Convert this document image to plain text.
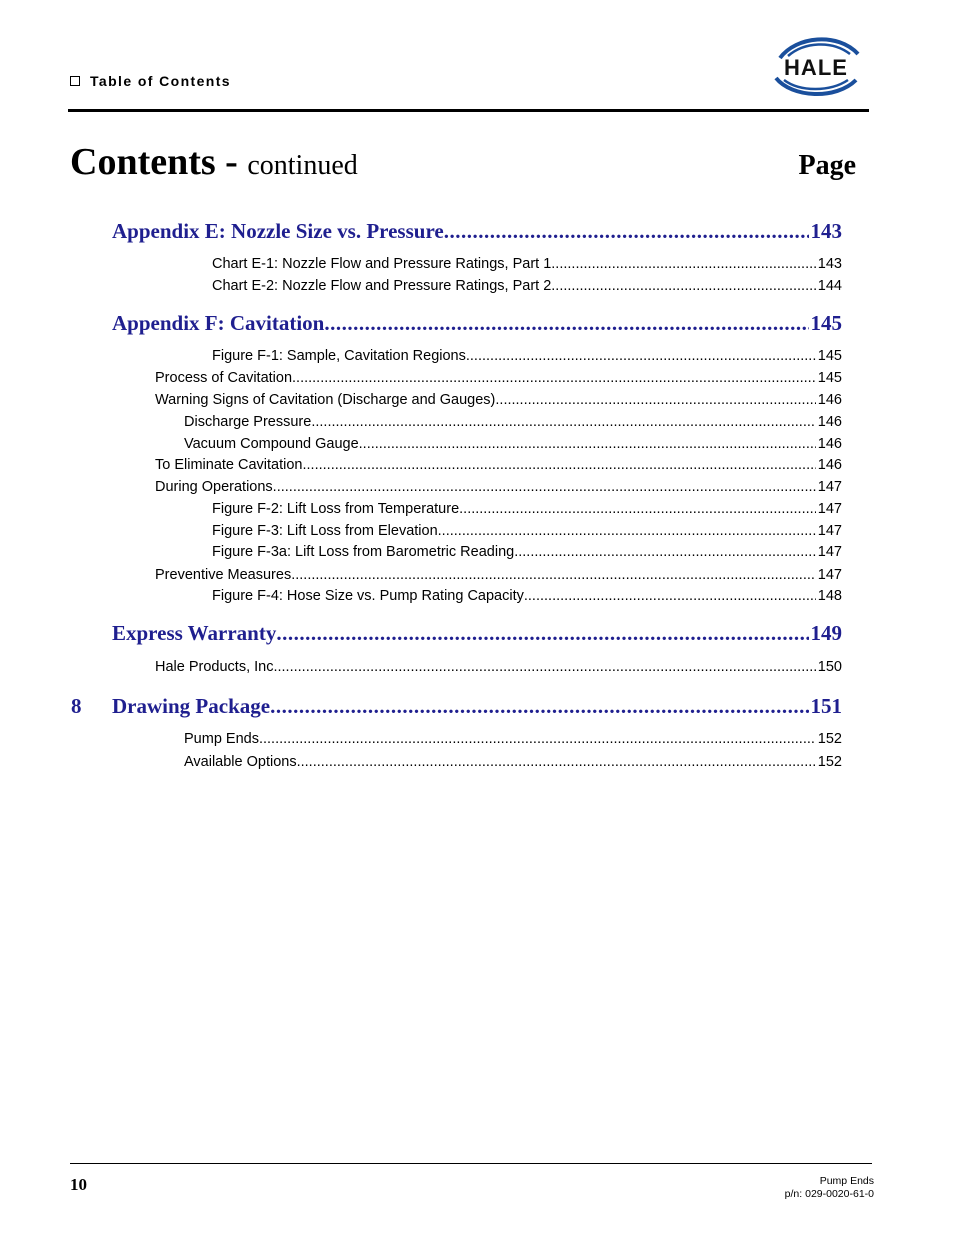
Table of Contents
HALE
Contents - continued	Page
Appendix E: Nozzle Size vs. Pressure .....	143
Chart E-1: Nozzle Flow and Pressure Ratings, Part 1 .....	143
Chart E-2: Nozzle Flow and Pressure Ratings, Part 2 .....	144
Appendix F: Cavitation .....	145
Figure F-1: Sample, Cavitation Regions .....	145
Process of Cavitation .....	145
Warning Signs of Cavitation (Discharge and Gauges) .....	146
Discharge Pressure .....	146
Vacuum Compound Gauge .....	146
To Eliminate Cavitation .....	146
During Operations .....	147
Figure F-2: Lift Loss from Temperature .....	147
Figure F-3: Lift Loss from Elevation .....	147
Figure F-3a: Lift Loss from Barometric Reading .....	147
Preventive Measures .....	147
Figure F-4: Hose Size vs. Pump Rating Capacity .....	148
Express Warranty .....	149
Hale Products, Inc. .....	150
8 Drawing Package .....	151
Pump Ends .....	152
Available Options .....	152
10	Pump Ends
p/n: 029-0020-61-0
